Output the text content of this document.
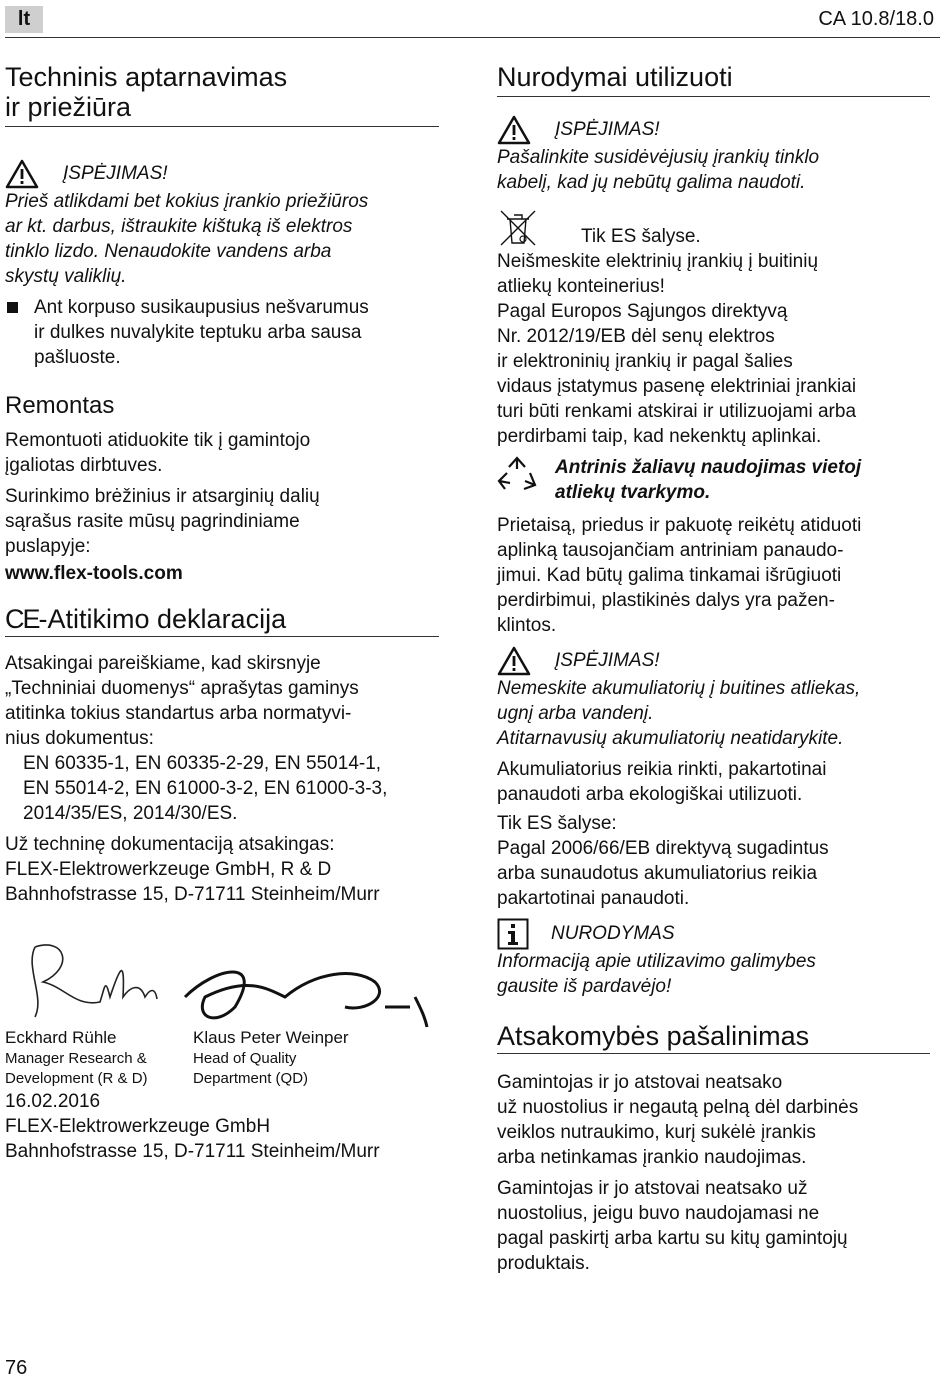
lt	CA 10.8/18.0
Techninis aptarnavimas
ir priežiūra
ĮSPĖJIMAS!

Prieš atlikdami bet kokius įrankio priežiūros
ar kt. darbus, ištraukite kištuką iš elektros
tinklo lizdo. Nenaudokite vandens arba
skystų valiklių.

Ant korpuso susikaupusius nešvarumus
ir dulkes nuvalykite teptuku arba sausa
pašluoste.
Remontas

Remontuoti atiduokite tik į gamintojo
įgaliotas dirbtuves.

Surinkimo brėžinius ir atsarginių dalių
sąrašus rasite mūsų pagrindiniame
puslapyje:

www.flex-tools.com

CE-Atitikimo deklaracija

Atsakingai pareiškiame, kad skirsnyje
„Techniniai duomenys“ aprašytas gaminys
atitinka tokius standartus arba normatyvi-
nius dokumentus:

EN 60335-1, EN 60335-2-29, EN 55014-1,
EN 55014-2, EN 61000-3-2, EN 61000-3-3,
2014/35/ES, 2014/30/ES.

Už techninę dokumentaciją atsakingas:
FLEX-Elektrowerkzeuge GmbH, R & D
Bahnhofstrasse 15, D-71711 Steinheim/Murr

Eckhard Rühle
Manager Research &
Development (R & D)
Klaus Peter Weinper
Head of Quality
Department (QD)

16.02.2016
FLEX-Elektrowerkzeuge GmbH
Bahnhofstrasse 15, D-71711 Steinheim/Murr

Nurodymai utilizuoti
ĮSPĖJIMAS!

Pašalinkite susidėvėjusių įrankių tinklo
kabelį, kad jų nebūtų galima naudoti.

Tik ES šalyse.

Neišmeskite elektrinių įrankių į buitinių
atliekų konteinerius!
Pagal Europos Sąjungos direktyvą
Nr. 2012/19/EB dėl senų elektros
ir elektroninių įrankių ir pagal šalies
vidaus įstatymus pasenę elektriniai įrankiai
turi būti renkami atskirai ir utilizuojami arba
perdirbami taip, kad nekenktų aplinkai.

Antrinis žaliavų naudojimas vietoj
atliekų tvarkymo.

Prietaisą, priedus ir pakuotę reikėtų atiduoti
aplinką tausojančiam antriniam panaudo-
jimui. Kad būtų galima tinkamai išrūgiuoti
perdirbimui, plastikinės dalys yra pažen-
klintos.

ĮSPĖJIMAS!

Nemeskite akumuliatorių į buitines atliekas,
ugnį arba vandenį.
Atitarnavusių akumuliatorių neatidarykite.

Akumuliatorius reikia rinkti, pakartotinai
panaudoti arba ekologiškai utilizuoti.

Tik ES šalyse:
Pagal 2006/66/EB direktyvą sugadintus
arba sunaudotus akumuliatorius reikia
pakartotinai panaudoti.

NURODYMAS

Informaciją apie utilizavimo galimybes
gausite iš pardavėjo!

Atsakomybės pašalinimas

Gamintojas ir jo atstovai neatsako
už nuostolius ir negautą pelną dėl darbinės
veiklos nutraukimo, kurį sukėlė įrankis
arba netinkamas įrankio naudojimas.

Gamintojas ir jo atstovai neatsako už
nuostolius, jeigu buvo naudojamasi ne
pagal paskirtį arba kartu su kitų gamintojų
produktais.

76
